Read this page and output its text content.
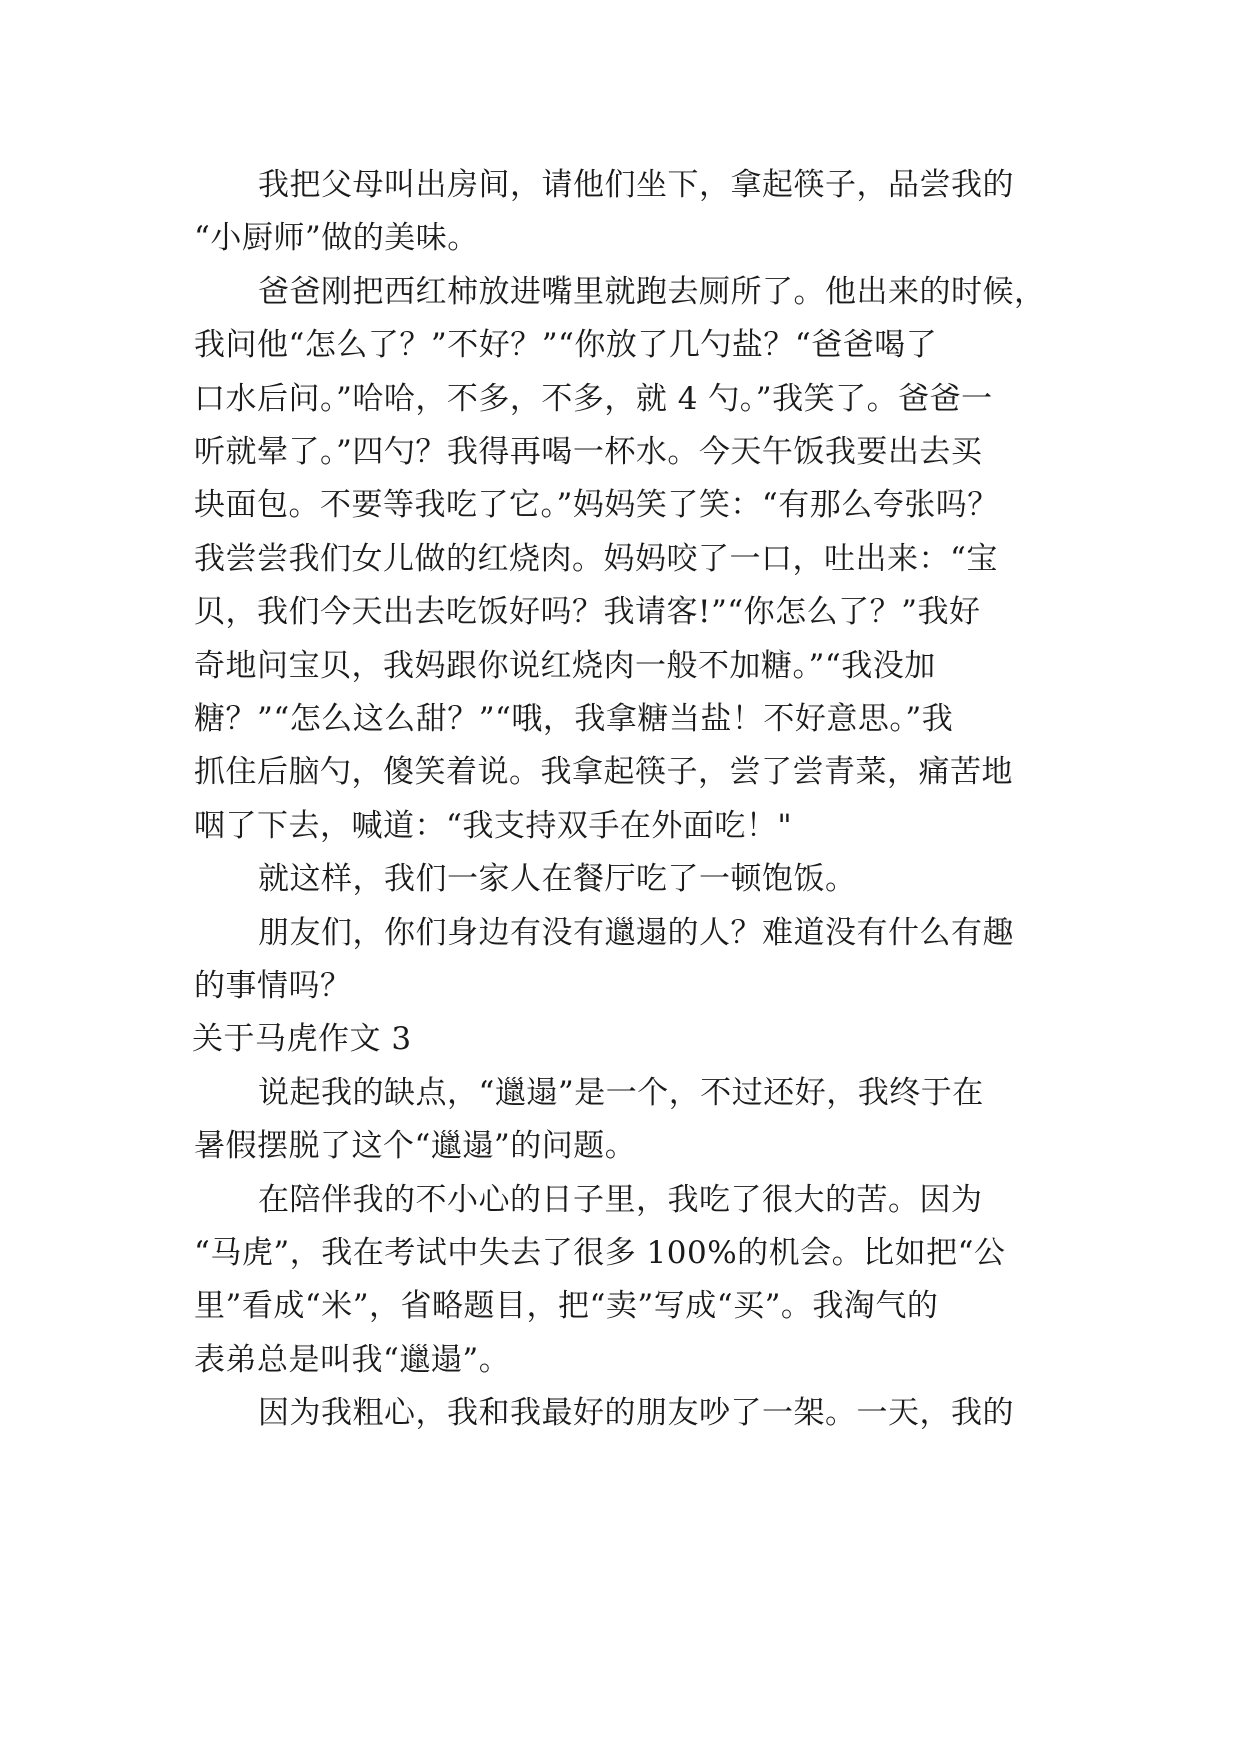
我把父母叫出房间，请他们坐下，拿起筷子，品尝我的
“小厨师”做的美味。
爸爸刚把西红柿放进嘴里就跑去厕所了。他出来的时候，
我问他“怎么了？”不好？”“你放了几勺盐？“爸爸喝了
口水后问。”哈哈，不多，不多，就 4 勺。”我笑了。爸爸一
听就晕了。”四勺？我得再喝一杯水。今天午饭我要出去买
块面包。不要等我吃了它。”妈妈笑了笑：“有那么夸张吗？
我尝尝我们女儿做的红烧肉。妈妈咬了一口，吐出来：“宝
贝，我们今天出去吃饭好吗？我请客!”“你怎么了？”我好
奇地问宝贝，我妈跟你说红烧肉一般不加糖。”“我没加
糖？”“怎么这么甜？”“哦，我拿糖当盐！不好意思。”我
抓住后脑勺，傻笑着说。我拿起筷子，尝了尝青菜，痛苦地
咽了下去，喊道：“我支持双手在外面吃！"
就这样，我们一家人在餐厅吃了一顿饱饭。
朋友们，你们身边有没有邋遢的人？难道没有什么有趣
的事情吗？
关于马虎作文 3
说起我的缺点，“邋遢”是一个，不过还好，我终于在
暑假摆脱了这个“邋遢”的问题。
在陪伴我的不小心的日子里，我吃了很大的苦。因为
“马虎”，我在考试中失去了很多 100%的机会。比如把“公
里”看成“米”，省略题目，把“卖”写成“买”。我淘气的
表弟总是叫我“邋遢”。
因为我粗心，我和我最好的朋友吵了一架。一天，我的
